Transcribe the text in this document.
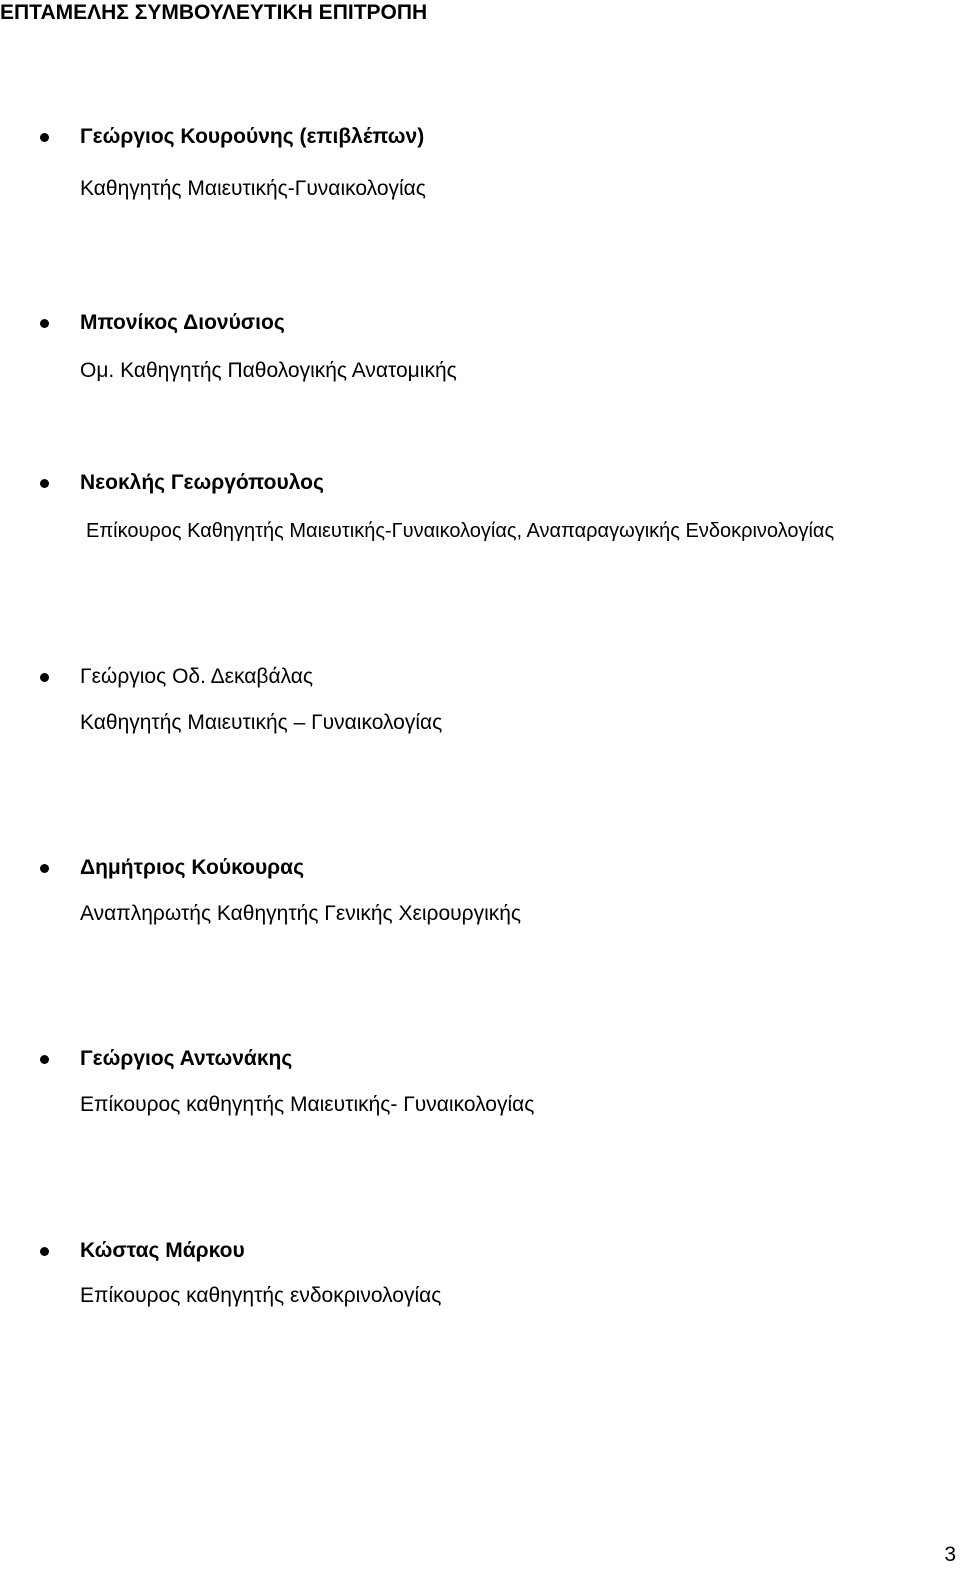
ΕΠΤΑΜΕΛΗΣ ΣΥΜΒΟΥΛΕΥΤΙΚΗ ΕΠΙΤΡΟΠΗ
Γεώργιος Κουρούνης (επιβλέπων)
Καθηγητής Μαιευτικής-Γυναικολογίας
Μπονίκος Διονύσιος
Ομ. Καθηγητής Παθολογικής Ανατομικής
Νεοκλής Γεωργόπουλος
Επίκουρος Καθηγητής Μαιευτικής-Γυναικολογίας, Αναπαραγωγικής Ενδοκρινολογίας
Γεώργιος Οδ. Δεκαβάλας
Καθηγητής Μαιευτικής – Γυναικολογίας
Δημήτριος Κούκουρας
Αναπληρωτής Καθηγητής Γενικής Χειρουργικής
Γεώργιος Αντωνάκης
Επίκουρος καθηγητής Μαιευτικής- Γυναικολογίας
Κώστας Μάρκου
Επίκουρος καθηγητής ενδοκρινολογίας
3
